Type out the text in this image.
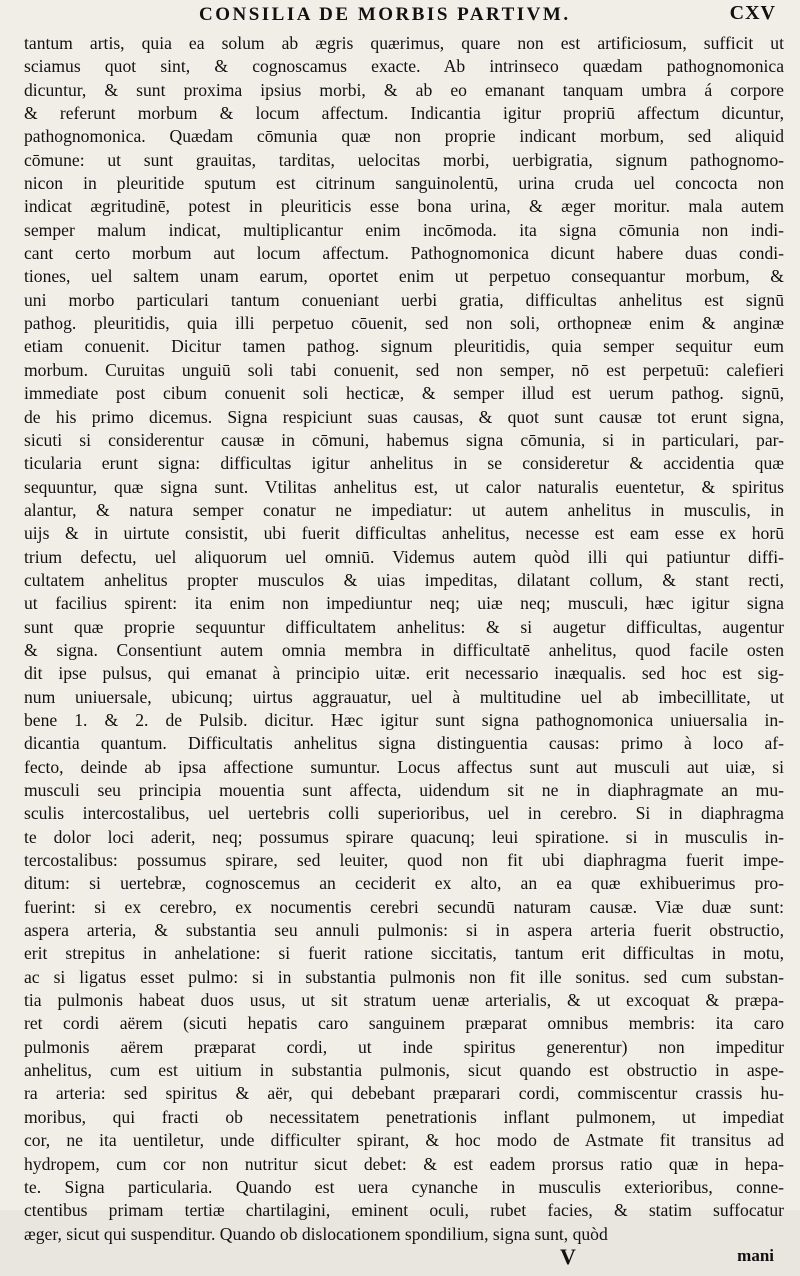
CONSILIA DE MORBIS PARTIVM.	CXV
tantum artis, quia ea solum ab ægris quærimus, quare non est artificiosum, sufficit ut
sciamus quot sint, & cognoscamus exacte. Ab intrinseco quædam pathognomonica
dicuntur, & sunt proxima ipsius morbi, & ab eo emanant tanquam umbra á corpore
& referunt morbum & locum affectum. Indicantia igitur propriū affectum dicuntur,
pathognomonica. Quædam cōmunia quæ non proprie indicant morbum, sed aliquid
cōmune: ut sunt grauitas, tarditas, uelocitas morbi, uerbigratia, signum pathognomo-
nicon in pleuritide sputum est citrinum sanguinolentū, urina cruda uel concocta non
indicat ægritudinē, potest in pleuriticis esse bona urina, & æger moritur. mala autem
semper malum indicat, multiplicantur enim incōmoda. ita signa cōmunia non indi-
cant certo morbum aut locum affectum. Pathognomonica dicunt habere duas condi-
tiones, uel saltem unam earum, oportet enim ut perpetuo consequantur morbum, &
uni morbo particulari tantum conueniant uerbi gratia, difficultas anhelitus est signū
pathog. pleuritidis, quia illi perpetuo cōuenit, sed non soli, orthopneæ enim & anginæ
etiam conuenit. Dicitur tamen pathog. signum pleuritidis, quia semper sequitur eum
morbum. Curuitas unguiū soli tabi conuenit, sed non semper, nō est perpetuū: calefieri
immediate post cibum conuenit soli hecticæ, & semper illud est uerum pathog. signū,
de his primo dicemus. Signa respiciunt suas causas, & quot sunt causæ tot erunt signa,
sicuti si considerentur causæ in cōmuni, habemus signa cōmunia, si in particulari, par-
ticularia erunt signa: difficultas igitur anhelitus in se consideretur & accidentia quæ
sequuntur, quæ signa sunt. Vtilitas anhelitus est, ut calor naturalis euentetur, & spiritus
alantur, & natura semper conatur ne impediatur: ut autem anhelitus in musculis, in
uijs & in uirtute consistit, ubi fuerit difficultas anhelitus, necesse est eam esse ex horū
trium defectu, uel aliquorum uel omniū. Videmus autem quòd illi qui patiuntur diffi-
cultatem anhelitus propter musculos & uias impeditas, dilatant collum, & stant recti,
ut facilius spirent: ita enim non impediuntur neq; uiæ neq; musculi, hæc igitur signa
sunt quæ proprie sequuntur difficultatem anhelitus: & si augetur difficultas, augentur
& signa. Consentiunt autem omnia membra in difficultatē anhelitus, quod facile osten
dit ipse pulsus, qui emanat à principio uitæ. erit necessario inæqualis. sed hoc est sig-
num uniuersale, ubicunq; uirtus aggrauatur, uel à multitudine uel ab imbecillitate, ut
bene 1. & 2. de Pulsib. dicitur. Hæc igitur sunt signa pathognomonica uniuersalia in-
dicantia quantum. Difficultatis anhelitus signa distinguentia causas: primo à loco af-
fecto, deinde ab ipsa affectione sumuntur. Locus affectus sunt aut musculi aut uiæ, si
musculi seu principia mouentia sunt affecta, uidendum sit ne in diaphragmate an mu-
sculis intercostalibus, uel uertebris colli superioribus, uel in cerebro. Si in diaphragma
te dolor loci aderit, neq; possumus spirare quacunq; leui spiratione. si in musculis in-
tercostalibus: possumus spirare, sed leuiter, quod non fit ubi diaphragma fuerit impe-
ditum: si uertebræ, cognoscemus an ceciderit ex alto, an ea quæ exhibuerimus pro-
fuerint: si ex cerebro, ex nocumentis cerebri secundū naturam causæ. Viæ duæ sunt:
aspera arteria, & substantia seu annuli pulmonis: si in aspera arteria fuerit obstructio,
erit strepitus in anhelatione: si fuerit ratione siccitatis, tantum erit difficultas in motu,
ac si ligatus esset pulmo: si in substantia pulmonis non fit ille sonitus. sed cum substan-
tia pulmonis habeat duos usus, ut sit stratum uenæ arterialis, & ut excoquat & præpa-
ret cordi aërem (sicuti hepatis caro sanguinem præparat omnibus membris: ita caro
pulmonis aërem præparat cordi, ut inde spiritus generentur) non impeditur
anhelitus, cum est uitium in substantia pulmonis, sicut quando est obstructio in aspe-
ra arteria: sed spiritus & aër, qui debebant præparari cordi, commiscentur crassis hu-
moribus, qui fracti ob necessitatem penetrationis inflant pulmonem, ut impediat
cor, ne ita uentiletur, unde difficulter spirant, & hoc modo de Astmate fit transitus ad
hydropem, cum cor non nutritur sicut debet: & est eadem prorsus ratio quæ in hepa-
te. Signa particularia. Quando est uera cynanche in musculis exterioribus, conne-
ctentibus primam tertiæ chartilagini, eminent oculi, rubet facies, & statim suffocatur
æger, sicut qui suspenditur. Quando ob dislocationem spondilium, signa sunt, quòd
V	mani
